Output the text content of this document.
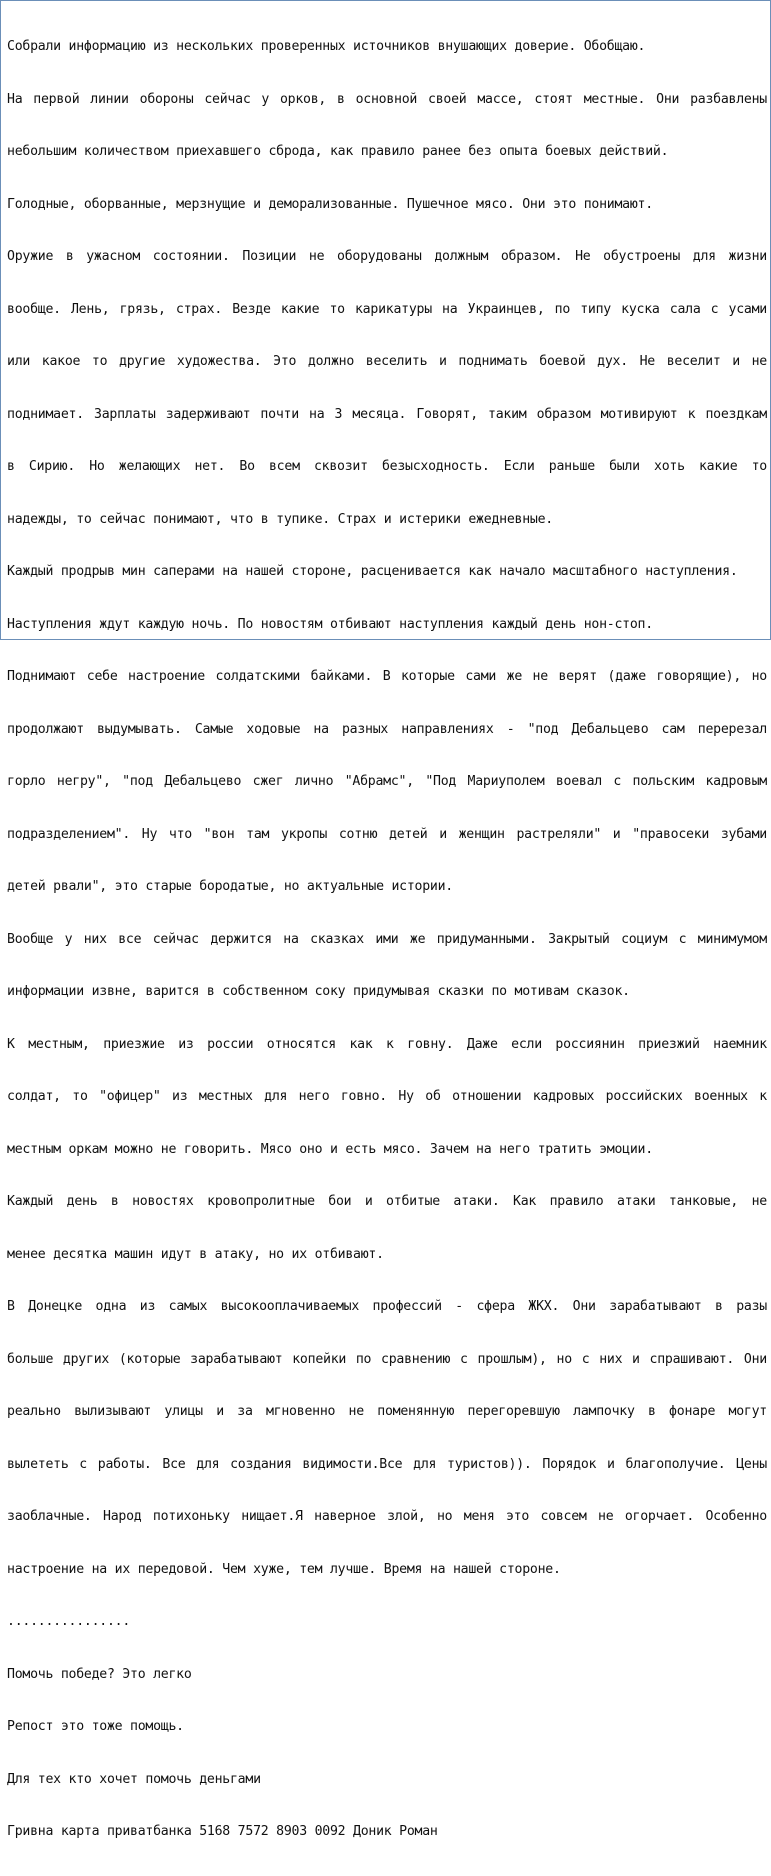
Собрали информацию из нескольких проверенных источников внушающих доверие. Обобщаю.

На первой линии обороны сейчас у орков, в основной своей массе, стоят местные. Они разбавлены

небольшим количеством приехавшего сброда, как правило ранее без опыта боевых действий.

Голодные, оборванные, мерзнущие и деморализованные. Пушечное мясо. Они это понимают.

Оружие в ужасном состоянии. Позиции не оборудованы должным образом. Не обустроены для жизни

вообще. Лень, грязь, страх. Везде какие то карикатуры на Украинцев, по типу куска сала с усами

или какое то другие художества. Это должно веселить и поднимать боевой дух. Не веселит и не

поднимает. Зарплаты задерживают почти на 3 месяца. Говорят, таким образом мотивируют к поездкам

в Сирию. Но желающих нет. Во всем сквозит безысходность. Если раньше были хоть какие то

надежды, то сейчас понимают, что в тупике. Страх и истерики ежедневные.

Каждый продрыв мин саперами на нашей стороне, расценивается как начало масштабного наступления.

Наступления ждут каждую ночь. По новостям отбивают наступления каждый день нон-стоп.

Поднимают себе настроение солдатскими байками. В которые сами же не верят (даже говорящие), но

продолжают выдумывать. Самые ходовые на разных направлениях - "под Дебальцево сам перерезал

горло негру", "под Дебальцево сжег лично "Абрамс", "Под Мариуполем воевал с польским кадровым

подразделением". Ну что "вон там укропы сотню детей и женщин растреляли" и "правосеки зубами

детей рвали", это старые бородатые, но актуальные истории.

Вообще у них все сейчас держится на сказках ими же придуманными. Закрытый социум с минимумом

информации извне, варится в собственном соку придумывая сказки по мотивам сказок.

К местным, приезжие из россии относятся как к говну. Даже если россиянин приезжий наемник

солдат, то "офицер" из местных для него говно. Ну об отношении кадровых российских военных к

местным оркам можно не говорить. Мясо оно и есть мясо. Зачем на него тратить эмоции.

Каждый день в новостях кровопролитные бои и отбитые атаки. Как правило атаки танковые, не

менее десятка машин идут в атаку, но их отбивают.

В Донецке одна из самых высокооплачиваемых профессий - сфера ЖКХ. Они зарабатывают в разы

больше других (которые зарабатывают копейки по сравнению с прошлым), но с них и спрашивают. Они

реально вылизывают улицы и за мгновенно не поменянную перегоревшую лампочку в фонаре могут

вылететь с работы. Все для создания видимости.Все для туристов)). Порядок и благополучие. Цены

заоблачные. Народ потихоньку нищает.Я наверное злой, но меня это совсем не огорчает. Особенно

настроение на их передовой. Чем хуже, тем лучше. Время на нашей стороне.

................

Помочь победе? Это легко

Репост это тоже помощь.

Для тех кто хочет помочь деньгами

Гривна карта приватбанка 5168 7572 8903 0092 Доник Роман
